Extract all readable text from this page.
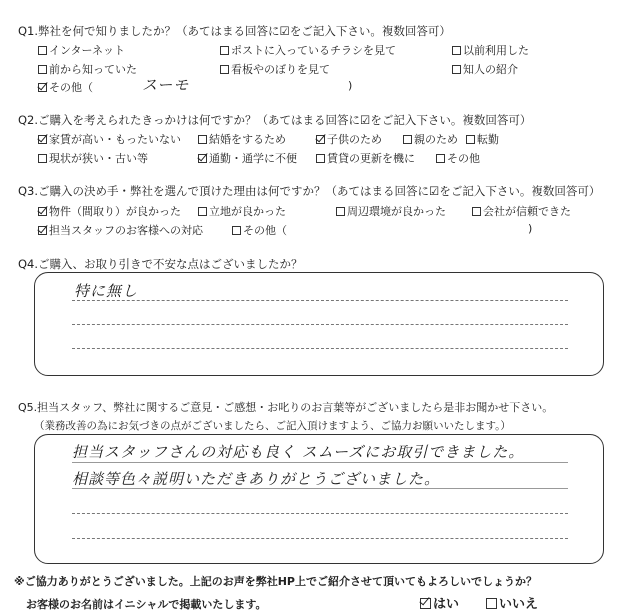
Q1.弊社を何で知りましたか？（あてはまる回答に☑をご記入下さい。複数回答可）
インターネット	ポストに入っているチラシを見て	以前利用した
前から知っていた	看板やのぼりを見て	知人の紹介
その他（	スーモ	)
Q2.ご購入を考えられたきっかけは何ですか？（あてはまる回答に☑をご記入下さい。複数回答可）
家賃が高い・もったいない	結婚をするため	子供のため	親のため	転勤
現状が狭い・古い等	通勤・通学に不便	賃貸の更新を機に	その他
Q3.ご購入の決め手・弊社を選んで頂けた理由は何ですか？（あてはまる回答に☑をご記入下さい。複数回答可）
物件（間取り）が良かった	立地が良かった	周辺環境が良かった	会社が信頼できた
担当スタッフのお客様への対応	その他（	)
Q4.ご購入、お取り引きで不安な点はございましたか？
特に無し
Q5.担当スタッフ、弊社に関するご意見・ご感想・お叱りのお言葉等がございましたら是非お聞かせ下さい。
（業務改善の為にお気づきの点がございましたら、ご記入頂けますよう、ご協力お願いいたします。）
担当スタッフさんの対応も良く スムーズにお取引できました。
相談等色々説明いただきありがとうございました。
※ご協力ありがとうございました。上記のお声を弊社HP上でご紹介させて頂いてもよろしいでしょうか？
お客様のお名前はイニシャルで掲載いたします。	はい	いいえ
